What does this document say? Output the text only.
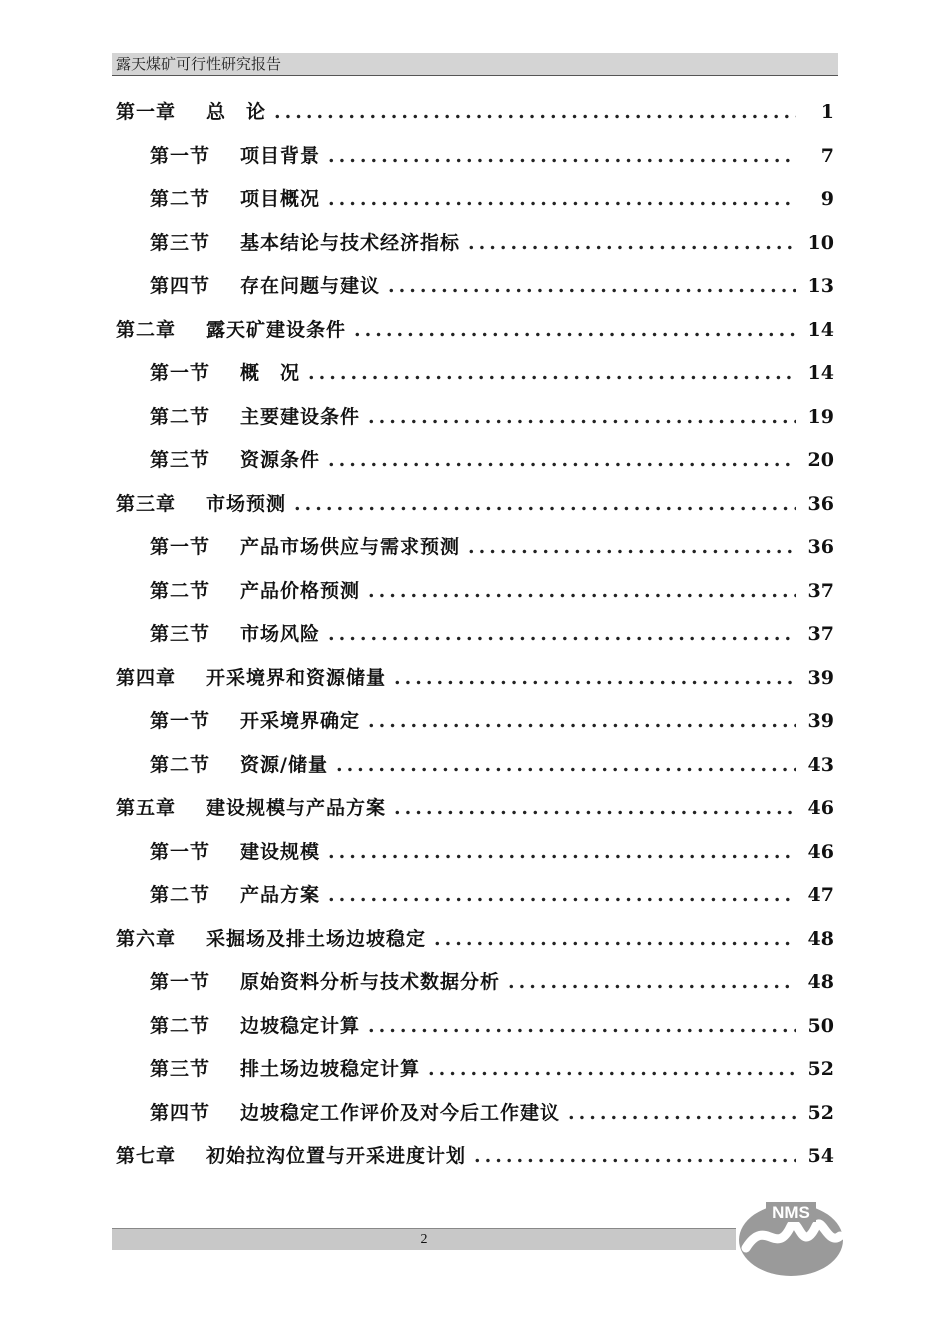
露天煤矿可行性研究报告
第一章 总　论 .....	1
第一节 项目背景 .....	7
第二节 项目概况 .....	9
第三节 基本结论与技术经济指标 .....	10
第四节 存在问题与建议 .....	13
第二章 露天矿建设条件 .....	14
第一节 概　况 .....	14
第二节 主要建设条件 .....	19
第三节 资源条件 .....	20
第三章 市场预测 .....	36
第一节 产品市场供应与需求预测 .....	36
第二节 产品价格预测 .....	37
第三节 市场风险 .....	37
第四章 开采境界和资源储量 .....	39
第一节 开采境界确定 .....	39
第二节 资源/储量 .....	43
第五章 建设规模与产品方案 .....	46
第一节 建设规模 .....	46
第二节 产品方案 .....	47
第六章 采掘场及排土场边坡稳定 .....	48
第一节 原始资料分析与技术数据分析 .....	48
第二节 边坡稳定计算 .....	50
第三节 排土场边坡稳定计算 .....	52
第四节 边坡稳定工作评价及对今后工作建议 .....	52
第七章 初始拉沟位置与开采进度计划 .....	54
2
NMS
